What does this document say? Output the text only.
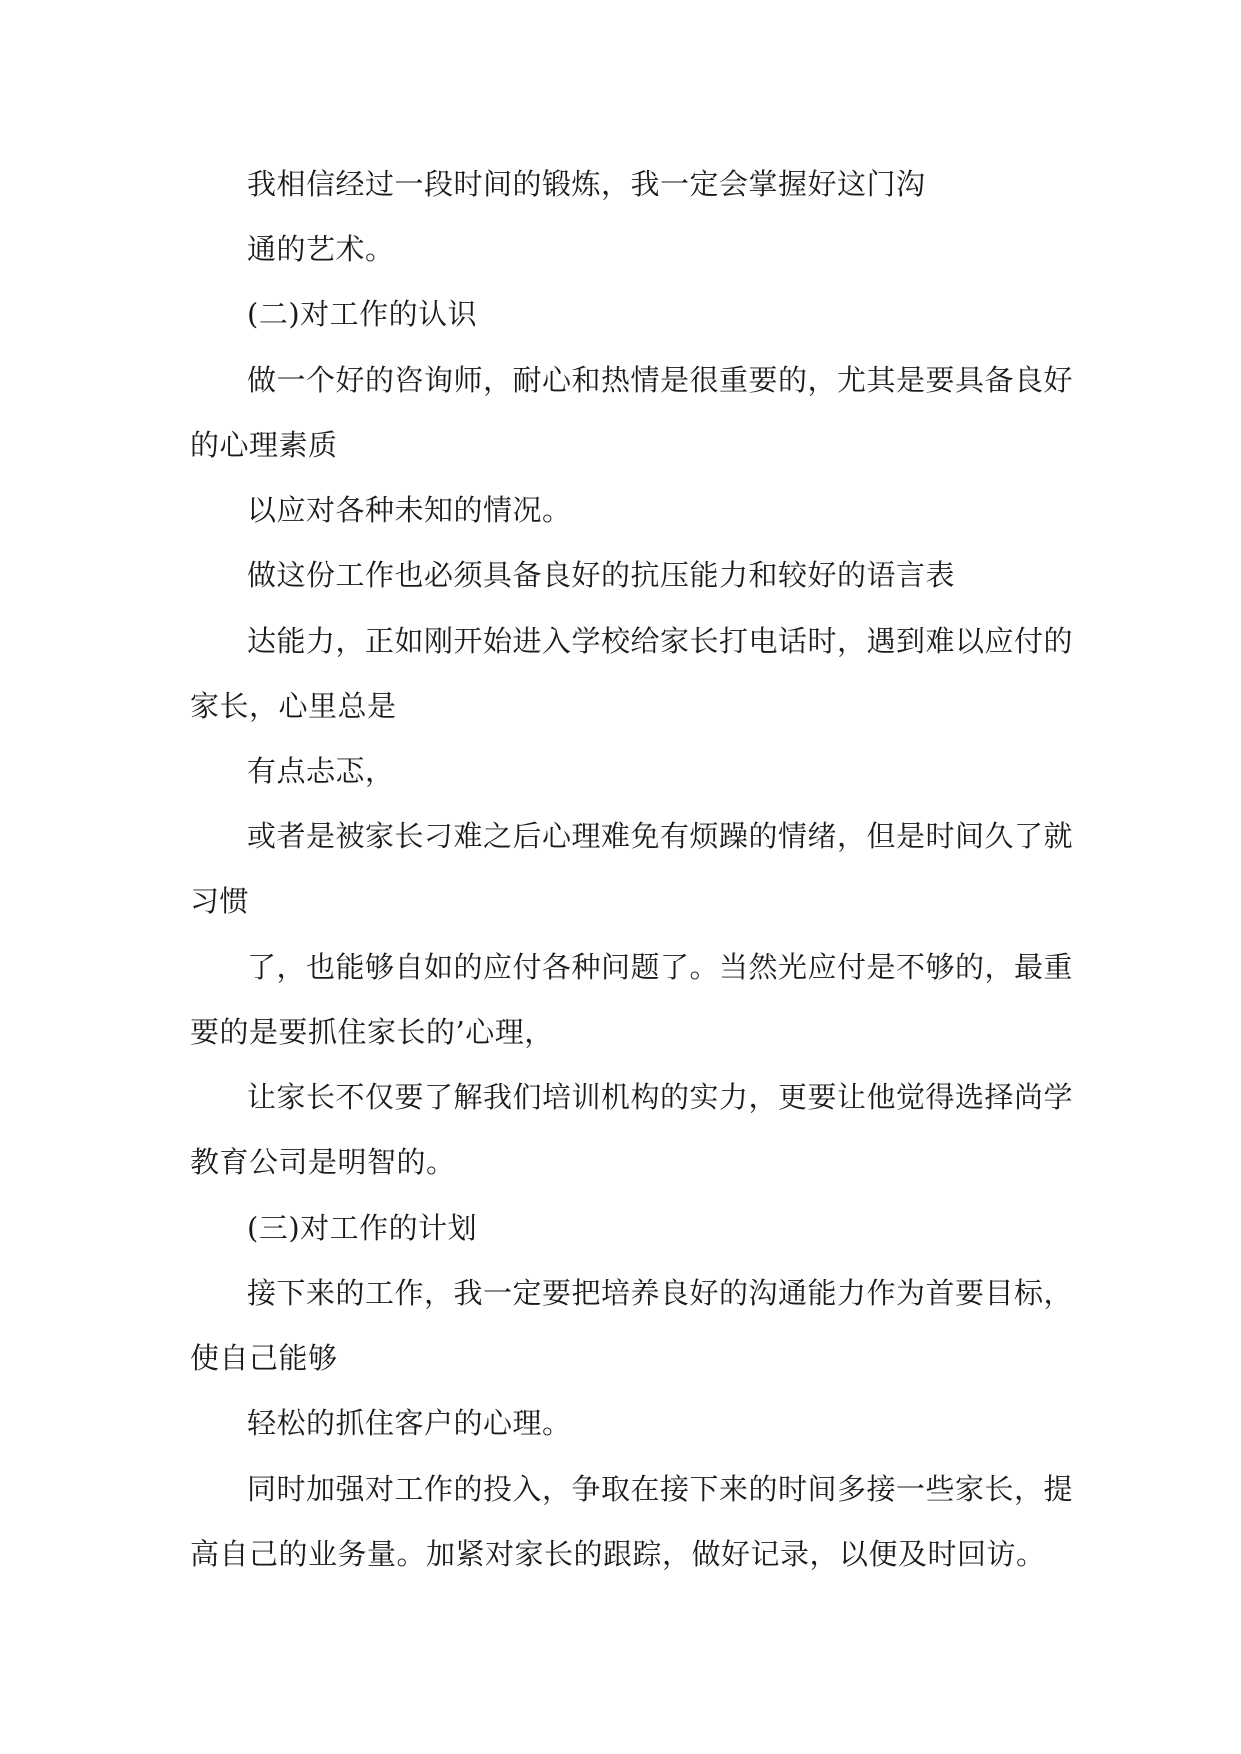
我相信经过一段时间的锻炼，我一定会掌握好这门沟
通的艺术。
(二)对工作的认识
做一个好的咨询师，耐心和热情是很重要的，尤其是要具备良好
的心理素质
以应对各种未知的情况。
做这份工作也必须具备良好的抗压能力和较好的语言表
达能力，正如刚开始进入学校给家长打电话时，遇到难以应付的
家长，心里总是
有点忐忑，
或者是被家长刁难之后心理难免有烦躁的情绪，但是时间久了就
习惯
了，也能够自如的应付各种问题了。当然光应付是不够的，最重
要的是要抓住家长的’心理，
让家长不仅要了解我们培训机构的实力，更要让他觉得选择尚学
教育公司是明智的。
(三)对工作的计划
接下来的工作，我一定要把培养良好的沟通能力作为首要目标，
使自己能够
轻松的抓住客户的心理。
同时加强对工作的投入，争取在接下来的时间多接一些家长，提
高自己的业务量。加紧对家长的跟踪，做好记录，以便及时回访。
